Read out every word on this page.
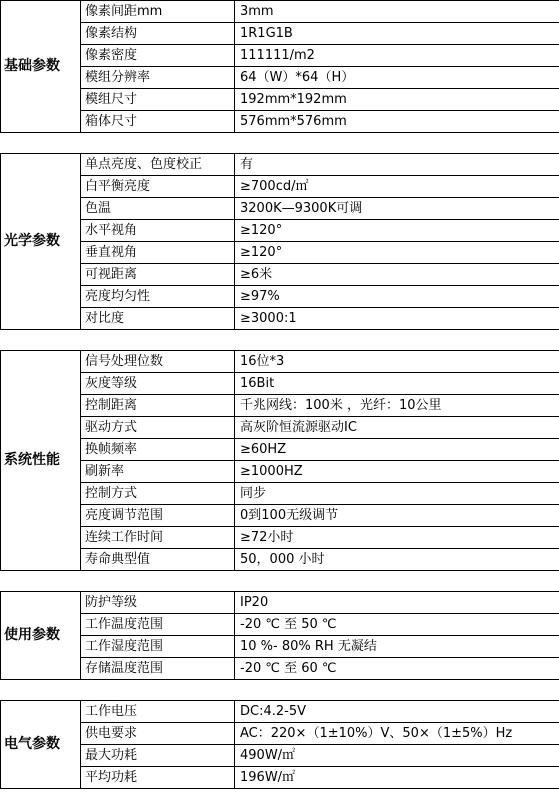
基础参数	像素间距mm	3mm
	像素结构	1R1G1B
	像素密度	111111/m2
	模组分辨率	64（W）*64（H）
	模组尺寸	192mm*192mm
	箱体尺寸	576mm*576mm

光学参数	单点亮度、色度校正	有
	白平衡亮度	≥700cd/㎡
	色温	3200K—9300K可调
	水平视角	≥120°
	垂直视角	≥120°
	可视距离	≥6米
	亮度均匀性	≥97%
	对比度	≥3000:1

系统性能	信号处理位数	16位*3
	灰度等级	16Bit
	控制距离	千兆网线：100米 ，光纤：10公里
	驱动方式	高灰阶恒流源驱动IC
	换帧频率	≥60HZ
	刷新率	≥1000HZ
	控制方式	同步
	亮度调节范围	0到100无级调节
	连续工作时间	≥72小时
	寿命典型值	50，000 小时

使用参数	防护等级	IP20
	工作温度范围	-20 ℃ 至 50 ℃
	工作湿度范围	10 %- 80% RH 无凝结
	存储温度范围	-20 ℃ 至 60 ℃

电气参数	工作电压	DC:4.2-5V
	供电要求	AC：220×（1±10%）V、50×（1±5%）Hz
	最大功耗	490W/㎡
	平均功耗	196W/㎡
